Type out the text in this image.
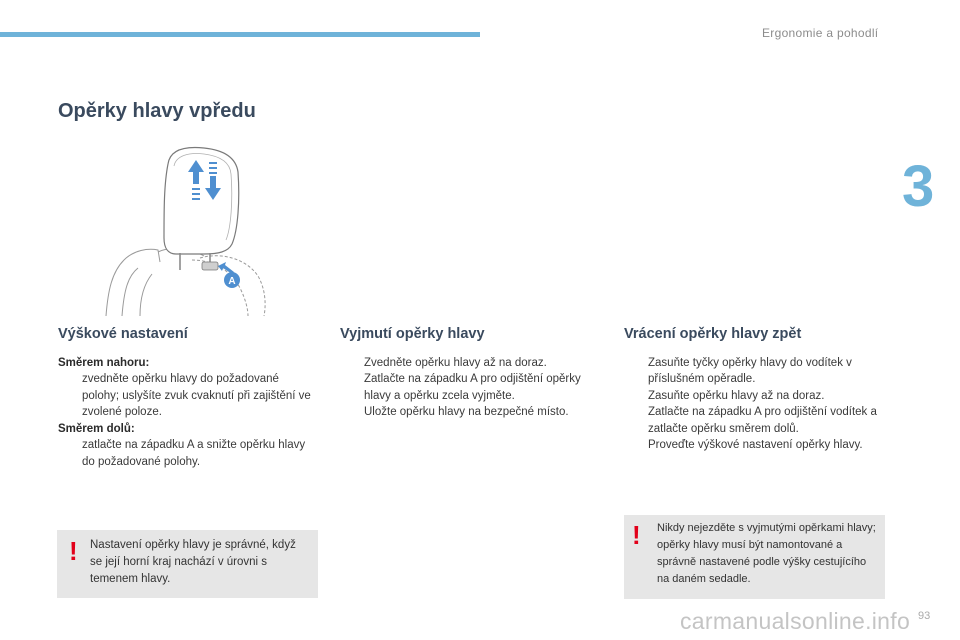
Ergonomie a pohodlí
3
Opěrky hlavy vpředu
A
Výškové nastavení
Směrem nahoru:
zvedněte opěrku hlavy do požadované polohy; uslyšíte zvuk cvaknutí při zajištění ve zvolené poloze.
Směrem dolů:
zatlačte na západku A a snižte opěrku hlavy do požadované polohy.
Vyjmutí opěrky hlavy
Zvedněte opěrku hlavy až na doraz.
Zatlačte na západku A pro odjištění opěrky hlavy a opěrku zcela vyjměte.
Uložte opěrku hlavy na bezpečné místo.
Vrácení opěrky hlavy zpět
Zasuňte tyčky opěrky hlavy do vodítek v příslušném opěradle.
Zasuňte opěrku hlavy až na doraz.
Zatlačte na západku A pro odjištění vodítek a zatlačte opěrku směrem dolů.
Proveďte výškové nastavení opěrky hlavy.
! Nastavení opěrky hlavy je správné, když se její horní kraj nachází v úrovni s temenem hlavy.
! Nikdy nejezděte s vyjmutými opěrkami hlavy; opěrky hlavy musí být namontované a správně nastavené podle výšky cestujícího na daném sedadle.
carmanualsonline.info 93
